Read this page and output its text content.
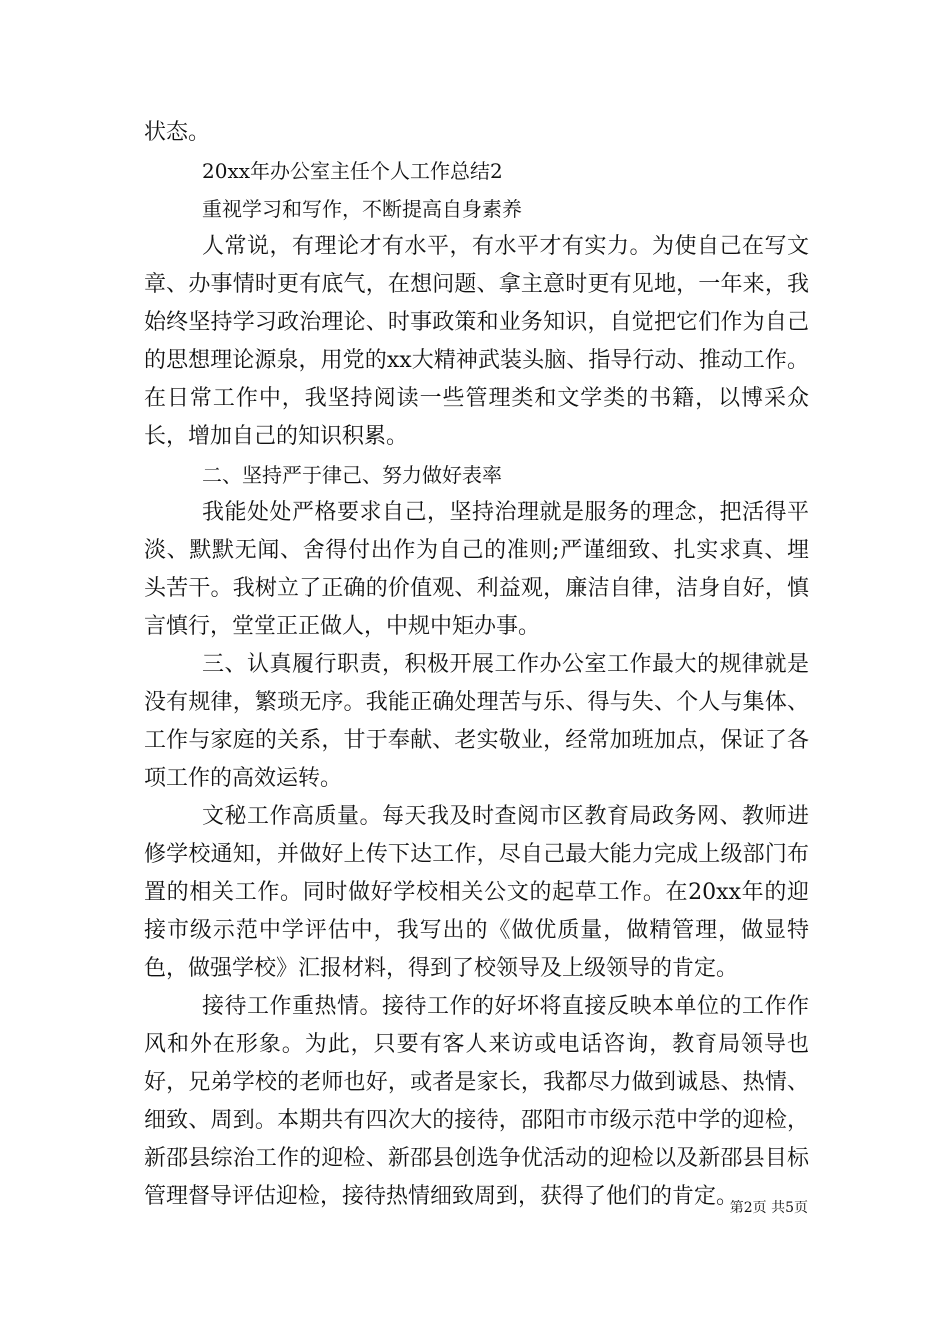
状态。

20xx年办公室主任个人工作总结2

重视学习和写作，不断提高自身素养

人常说，有理论才有水平，有水平才有实力。为使自己在写文章、办事情时更有底气，在想问题、拿主意时更有见地，一年来，我始终坚持学习政治理论、时事政策和业务知识，自觉把它们作为自己的思想理论源泉，用党的xx大精神武装头脑、指导行动、推动工作。在日常工作中，我坚持阅读一些管理类和文学类的书籍，以博采众长，增加自己的知识积累。

二、坚持严于律己、努力做好表率

我能处处严格要求自己，坚持治理就是服务的理念，把活得平淡、默默无闻、舍得付出作为自己的准则;严谨细致、扎实求真、埋头苦干。我树立了正确的价值观、利益观，廉洁自律，洁身自好，慎言慎行，堂堂正正做人，中规中矩办事。

三、认真履行职责，积极开展工作办公室工作最大的规律就是没有规律，繁琐无序。我能正确处理苦与乐、得与失、个人与集体、工作与家庭的关系，甘于奉献、老实敬业，经常加班加点，保证了各项工作的高效运转。

文秘工作高质量。每天我及时查阅市区教育局政务网、教师进修学校通知，并做好上传下达工作，尽自己最大能力完成上级部门布置的相关工作。同时做好学校相关公文的起草工作。在20xx年的迎接市级示范中学评估中，我写出的《做优质量，做精管理，做显特色，做强学校》汇报材料，得到了校领导及上级领导的肯定。

接待工作重热情。接待工作的好坏将直接反映本单位的工作作风和外在形象。为此，只要有客人来访或电话咨询，教育局领导也好，兄弟学校的老师也好，或者是家长，我都尽力做到诚恳、热情、细致、周到。本期共有四次大的接待，邵阳市市级示范中学的迎检，新邵县综治工作的迎检、新邵县创选争优活动的迎检以及新邵县目标管理督导评估迎检，接待热情细致周到，获得了他们的肯定。

第2页 共5页
